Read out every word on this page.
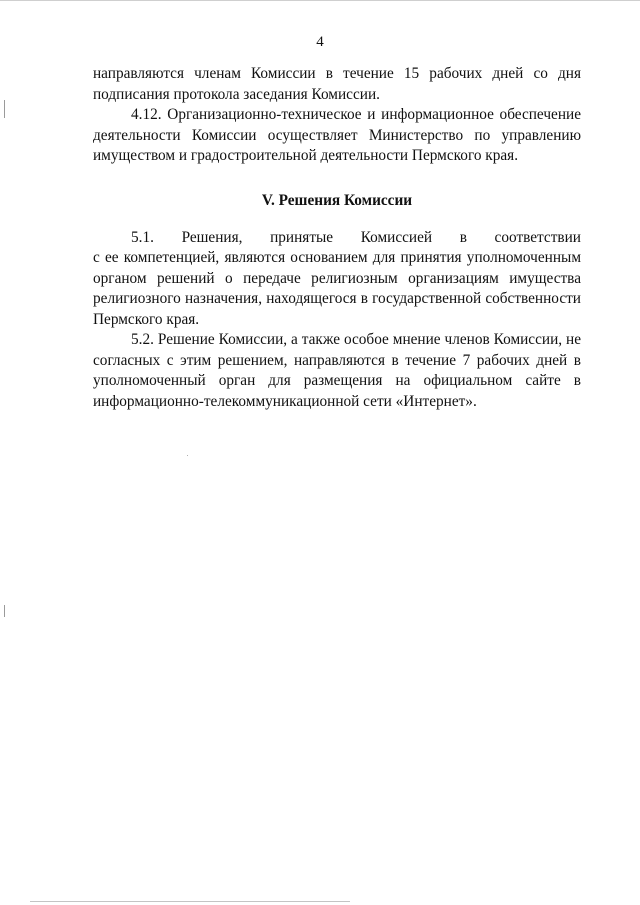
4

направляются членам Комиссии в течение 15 рабочих дней со дня подписания протокола заседания Комиссии.

4.12. Организационно-техническое и информационное обеспечение деятельности Комиссии осуществляет Министерство по управлению имуществом и градостроительной деятельности Пермского края.

V. Решения Комиссии

5.1. Решения, принятые Комиссией в соответствии

с ее компетенцией, являются основанием для принятия уполномоченным органом решений о передаче религиозным организациям имущества религиозного назначения, находящегося в государственной собственности Пермского края.

5.2. Решение Комиссии, а также особое мнение членов Комиссии, не согласных с этим решением, направляются в течение 7 рабочих дней в уполномоченный орган для размещения на официальном сайте в информационно-телекоммуникационной сети «Интернет».
